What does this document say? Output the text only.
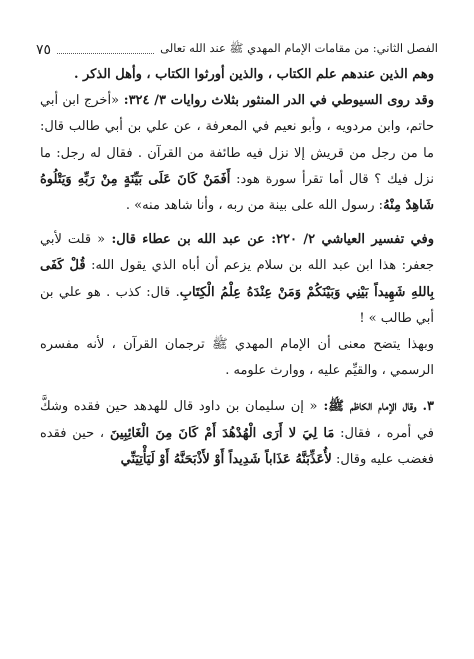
الفصل الثاني: من مقامات الإمام المهدي ﷺ عند الله تعالى
٧٥

وهم الذين عندهم علم الكتاب ، والذين أورثوا الكتاب ، وأهل الذكر .

وقد روى السيوطي في الدر المنثور بثلاث روايات ٣/ ٣٢٤: «أخرج ابن أبي حاتم، وابن مردويه ، وأبو نعيم في المعرفة ، عن علي بن أبي طالب قال: ما من رجل من قريش إلا نزل فيه طائفة من القرآن . فقال له رجل: ما نزل فيك ؟ قال أما تقرأ سورة هود: أَفَمَنْ كَانَ عَلَى بَيِّنَةٍ مِنْ رَبِّهِ وَيَتْلُوهُ شَاهِدٌ مِنْهُ: رسول الله على بينة من ربه ، وأنا شاهد منه» .

وفي تفسير العياشي ٢/ ٢٢٠: عن عبد الله بن عطاء قال: « قلت لأبي جعفر: هذا ابن عبد الله بن سلام يزعم أن أباه الذي يقول الله: قُلْ كَفَى بِاللهِ شَهِيداً بَيْنِي وَبَيْنَكُمْ وَمَنْ عِنْدَهُ عِلْمُ الْكِتَابِ. قال: كذب . هو علي بن أبي طالب » !

وبهذا يتضح معنى أن الإمام المهدي ﷺ ترجمان القرآن ، لأنه مفسره الرسمي ، والقيِّم عليه ، ووارث علومه .

٣. وقال الإمام الكاظم ﷺ: « إن سليمان بن داود قال للهدهد حين فقده وشكَّ في أمره ، فقال: مَا لِيَ لا أَرَى الْهُدْهُدَ أَمْ كَانَ مِنَ الْغَائِبِينَ ، حين فقده فغضب عليه وقال: لأُعَذِّبَنَّهُ عَذَاباً شَدِيداً أَوْ لأَذْبَحَنَّهُ أَوْ لَيَأْتِيَنِّي
